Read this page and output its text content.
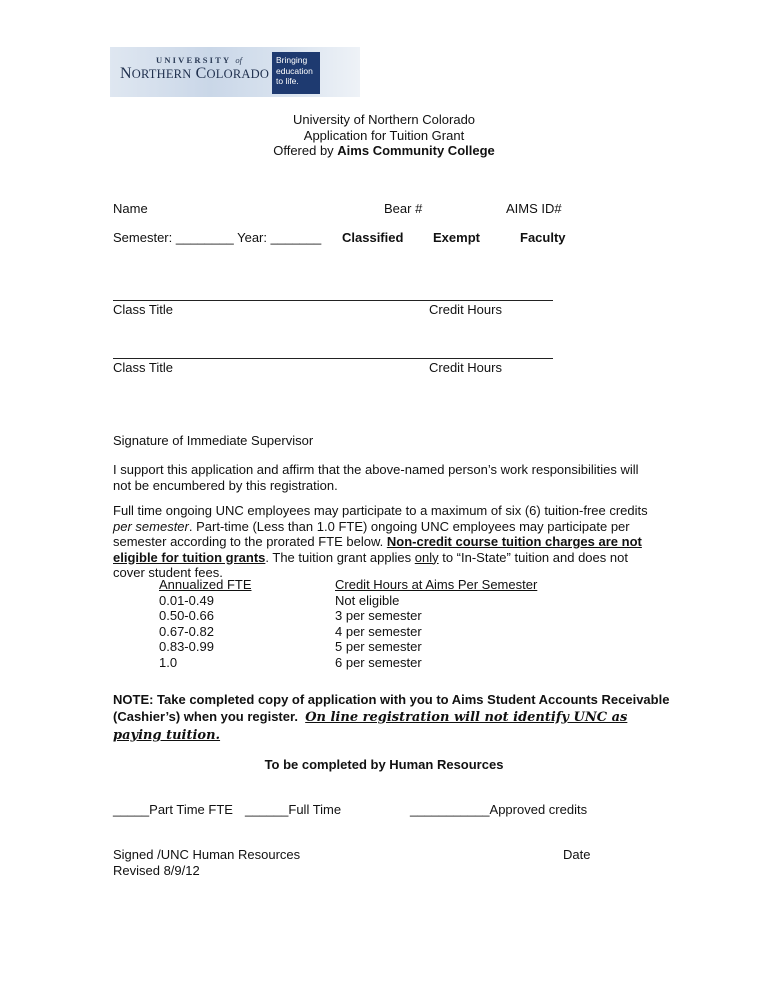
UNIVERSITY of
NORTHERN COLORADO
Bringing education to life.
University of Northern Colorado
Application for Tuition Grant
Offered by Aims Community College
Name	Bear #	AIMS ID#
Semester: ________ Year: _______ Classified Exempt	Faculty
Class Title	Credit Hours
Class Title	Credit Hours
Signature of Immediate Supervisor
I support this application and affirm that the above-named person’s work responsibilities will not be encumbered by this registration.
Full time ongoing UNC employees may participate to a maximum of six (6) tuition-free credits per semester. Part-time (Less than 1.0 FTE) ongoing UNC employees may participate per semester according to the prorated FTE below. Non-credit course tuition charges are not eligible for tuition grants. The tuition grant applies only to “In-State” tuition and does not cover student fees.
Annualized FTE	Credit Hours at Aims Per Semester
0.01-0.49	Not eligible
0.50-0.66	3 per semester
0.67-0.82	4 per semester
0.83-0.99	5 per semester
1.0	6 per semester
NOTE: Take completed copy of application with you to Aims Student Accounts Receivable (Cashier’s) when you register. On line registration will not identify UNC as paying tuition.
To be completed by Human Resources
_____Part Time FTE ______Full Time	___________Approved credits
Signed /UNC Human Resources	Date
Revised 8/9/12
